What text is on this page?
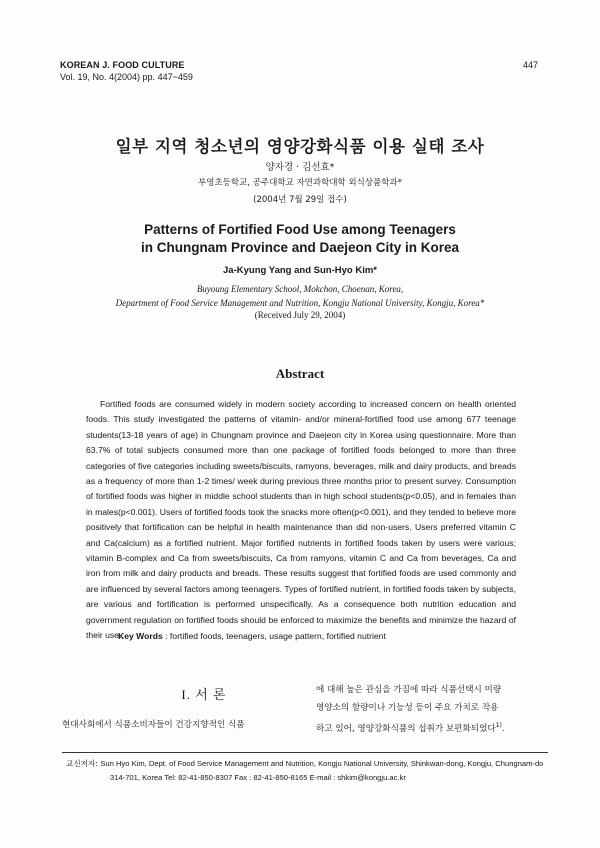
KOREAN J. FOOD CULTURE
Vol. 19, No. 4(2004) pp. 447~459
447
일부 지역 청소년의 영양강화식품 이용 실태 조사
양자경 · 김선효*
부영초등학교, 공주대학교 자연과학대학 외식상품학과*
(2004년 7월 29일 접수)
Patterns of Fortified Food Use among Teenagers
in Chungnam Province and Daejeon City in Korea
Ja-Kyung Yang and Sun-Hyo Kim*
Buyoung Elementary School, Mokchon, Choenan, Korea,
Department of Food Service Management and Nutrition, Kongju National University, Kongju, Korea*
(Received July 29, 2004)
Abstract
Fortified foods are consumed widely in modern society according to increased concern on health oriented foods. This study investigated the patterns of vitamin- and/or mineral-fortified food use among 677 teenage students(13-18 years of age) in Chungnam province and Daejeon city in Korea using questionnaire. More than 63.7% of total subjects consumed more than one package of fortified foods belonged to more than three categories of five categories including sweets/biscuits, ramyons, beverages, milk and dairy products, and breads as a frequency of more than 1-2 times/ week during previous three months prior to present survey. Consumption of fortified foods was higher in middle school students than in high school students(p<0.05), and in females than in males(p<0.001). Users of fortified foods took the snacks more often(p<0.001), and they tended to believe more positively that fortification can be helpful in health maintenance than did non-users. Users preferred vitamin C and Ca(calcium) as a fortified nutrient. Major fortified nutrients in fortified foods taken by users were various; vitamin B-complex and Ca from sweets/biscuits, Ca from ramyons, vitamin C and Ca from beverages, Ca and iron from milk and dairy products and breads. These results suggest that fortified foods are used commonly and are influenced by several factors among teenagers. Types of fortified nutrient, in fortified foods taken by subjects, are various and fortification is performed unspecifically. As a consequence both nutrition education and government regulation on fortified foods should be enforced to maximize the benefits and minimize the hazard of their use.
Key Words : fortified foods, teenagers, usage pattern, fortified nutrient
I. 서 론
현대사회에서 식품소비자들이 건강지향적인 식품
에 대해 높은 관심을 가짐에 따라 식품선택시 미량
영양소의 함량이나 기능성 등이 주요 가치로 작용
하고 있어, 영양강화식품의 섭취가 보편화되었다$^{1)}$.
교신저자: Sun Hyo Kim, Dept. of Food Service Management and Nutrition, Kongju National University, Shinkwan-dong, Kongju, Chungnam-do
314-701, Korea Tel: 82-41-850-8307 Fax : 82-41-850-8165 E-mail : shkim@kongju.ac.kr
